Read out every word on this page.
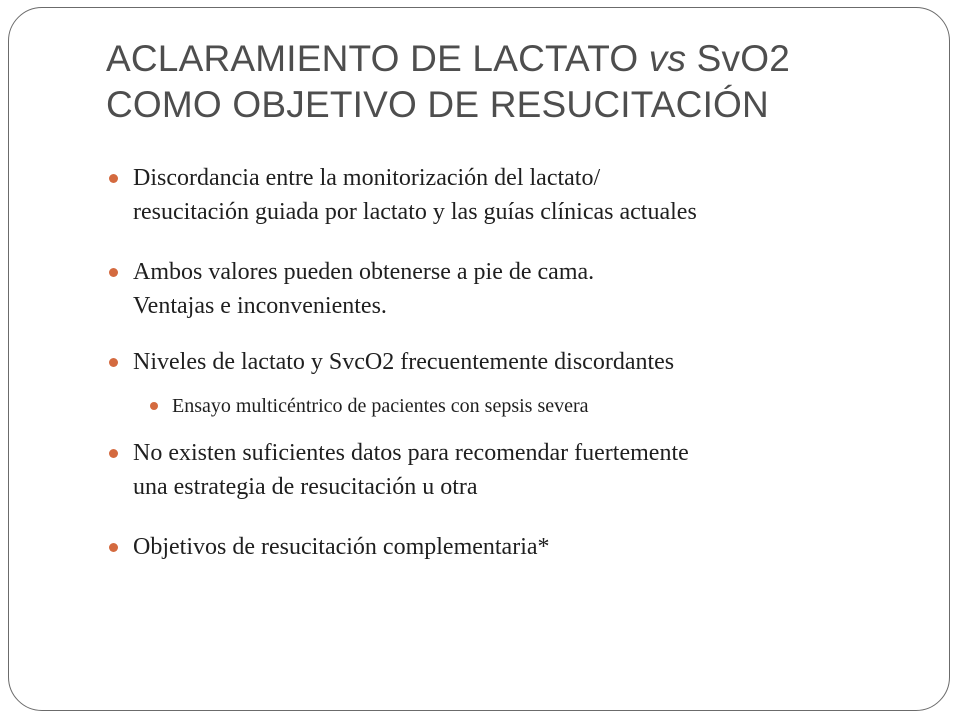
ACLARAMIENTO DE LACTATO vs SvO2
COMO OBJETIVO DE RESUCITACIÓN
Discordancia entre la monitorización del lactato/
resucitación guiada por lactato y las guías clínicas actuales
Ambos valores pueden obtenerse a pie de cama.
Ventajas e inconvenientes.
Niveles de lactato y SvcO2 frecuentemente discordantes
Ensayo multicéntrico de pacientes con sepsis severa
No existen suficientes datos para recomendar fuertemente
una estrategia de resucitación u otra
Objetivos de resucitación complementaria*
